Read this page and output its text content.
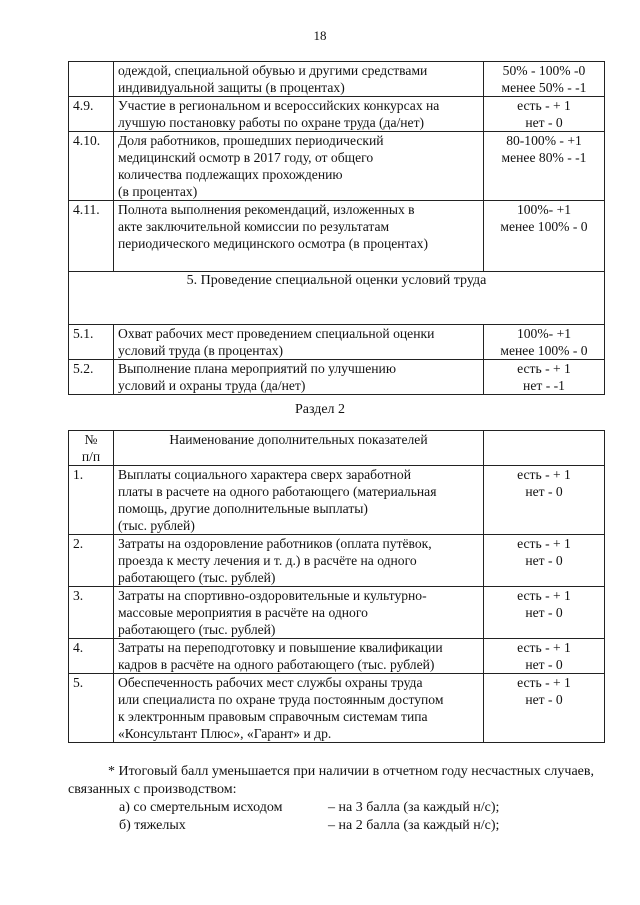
18

	одеждой, специальной обувью и другими средствами
индивидуальной защиты (в процентах)	50% - 100% -0
менее 50% - -1

4.9.	Участие в региональном и всероссийских конкурсах на
лучшую постановку работы по охране труда (да/нет)	есть - + 1
нет - 0

4.10.	Доля работников, прошедших периодический
медицинский осмотр в 2017 году, от общего
количества подлежащих прохождению
(в процентах)	80-100% - +1
менее 80% - -1

4.11.	Полнота выполнения рекомендаций, изложенных в
акте заключительной комиссии по результатам
периодического медицинского осмотра (в процентах)	100%- +1
менее 100% - 0

5. Проведение специальной оценки условий труда		
5.1.	Охват рабочих мест проведением специальной оценки
условий труда (в процентах)	100%- +1
менее 100% - 0

5.2.	Выполнение плана мероприятий по улучшению
условий и охраны труда (да/нет)	есть - + 1
нет - -1
Раздел 2
№
п/п	Наименование дополнительных показателей	
1.	Выплаты социального характера сверх заработной
платы в расчете на одного работающего (материальная
помощь, другие дополнительные выплаты)
(тыс. рублей)	есть - + 1
нет - 0

2.	Затраты на оздоровление работников (оплата путёвок,
проезда к месту лечения и т. д.) в расчёте на одного
работающего (тыс. рублей)	есть - + 1
нет - 0

3.	Затраты на спортивно-оздоровительные и культурно-
массовые мероприятия в расчёте на одного
работающего (тыс. рублей)	есть - + 1
нет - 0

4.	Затраты на переподготовку и повышение квалификации
кадров в расчёте на одного работающего (тыс. рублей)	есть - + 1
нет - 0

5.	Обеспеченность рабочих мест службы охраны труда
или специалиста по охране труда постоянным доступом
к электронным правовым справочным системам типа
«Консультант Плюс», «Гарант» и др.	есть - + 1
нет - 0

* Итоговый балл уменьшается при наличии в отчетном году несчастных случаев, связанных с производством:

а) со смертельным исходом	– на 3 балла (за каждый н/с);
б) тяжелых	– на 2 балла (за каждый н/с);
